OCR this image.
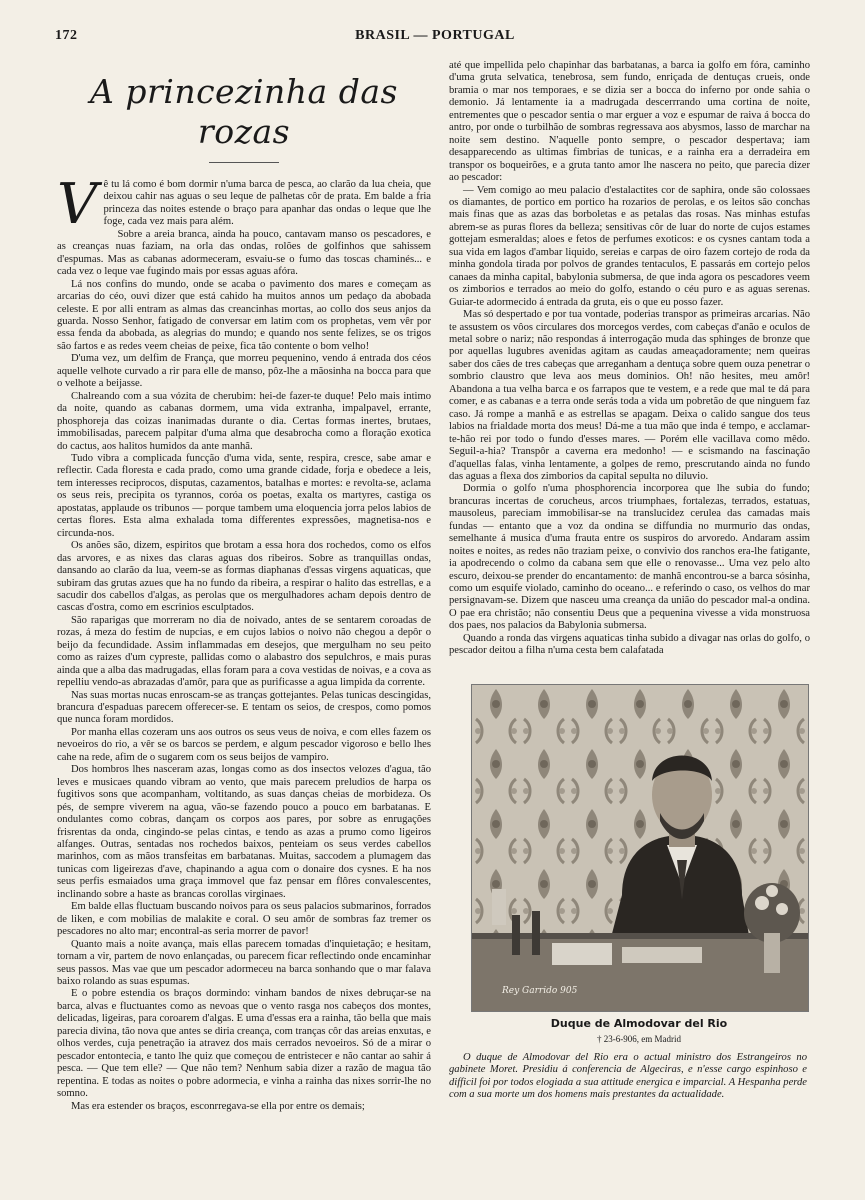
172	BRASIL — PORTUGAL
A princezinha das rozas
V ê tu lá como é bom dormir n'uma barca de pesca, ao clarão da lua cheia, que deixou cahir nas aguas o seu leque de palhetas côr de prata. Em balde a fria princeza das noites estende o braço para apanhar das ondas o leque que lhe foge, cada vez mais para além.

Sobre a areia branca, ainda ha pouco, cantavam manso os pescadores, e as creanças nuas faziam, na orla das ondas, rolões de golfinhos que sahissem d'espumas. Mas as cabanas adormeceram, esvaiu-se o fumo das toscas chaminés... e cada vez o leque vae fugindo mais por essas aguas afóra.

Lá nos confins do mundo, onde se acaba o pavimento dos mares e começam as arcarias do céo, ouvi dizer que está cahido ha muitos annos um pedaço da abobada celeste. E por alli entram as almas das creancinhas mortas, ao collo dos seus anjos da guarda. Nosso Senhor, fatigado de conversar em latim com os prophetas, vem vêr por essa fenda da abobada, as alegrias do mundo; e quando nos sente felizes, se os trigos são fartos e as redes veem cheias de peixe, fica tão contente o bom velho!

D'uma vez, um delfim de França, que morreu pequenino, vendo á entrada dos céos aquelle velhote curvado a rir para elle de manso, pôz-lhe a mãosinha na bocca para que o velhote a beijasse.

Chalreando com a sua vózita de cherubim: hei-de fazer-te duque! Pelo mais intimo da noite, quando as cabanas dormem, uma vida extranha, impalpavel, errante, phosphoreja das coizas inanimadas durante o dia. Certas formas inertes, brutaes, immobilisadas, parecem palpitar d'uma alma que desabrocha como a floração exotica do cactus, aos halitos humidos da ante manhã.

Tudo vibra a complicada funcção d'uma vida, sente, respira, cresce, sabe amar e reflectir. Cada floresta e cada prado, como uma grande cidade, forja e obedece a leis, tem interesses reciprocos, disputas, cazamentos, batalhas e mortes: e revolta-se, aclama os seus reis, precipita os tyrannos, coróa os poetas, exalta os martyres, castiga os apostatas, applaude os tribunos — porque tambem uma eloquencia jorra pelos labios de certas flores. Esta alma exhalada toma differentes expressões, magnetisa-nos e circunda-nos.

Os anões são, dizem, espiritos que brotam a essa hora dos rochedos, como os elfos das arvores, e as nixes das claras aguas dos ribeiros. Sobre as tranquillas ondas, dansando ao clarão da lua, veem-se as formas diaphanas d'essas virgens aquaticas, que subiram das grutas azues que ha no fundo da ribeira, a respirar o halito das estrellas, e a sacudir dos cabellos d'algas, as perolas que os mergulhadores acham depois dentro de cascas d'ostra, como em escrinios esculptados.

São raparigas que morreram no dia de noivado, antes de se sentarem coroadas de rozas, á meza do festim de nupcias, e em cujos labios o noivo não chegou a depôr o beijo da fecundidade. Assim inflammadas em desejos, que mergulham no seu peito como as raizes d'um cypreste, pallidas como o alabastro dos sepulchros, e mais puras ainda que a alba das madrugadas, ellas foram para a cova vestidas de noivas, e a cova as repelliu vendo-as abrazadas d'amôr, para que as purificasse a agua limpida da corrente.

Nas suas mortas nucas enroscam-se as tranças gottejantes. Pelas tunicas descingidas, brancura d'espaduas parecem offerecer-se. E tentam os seios, de crespos, como pomos que nunca foram mordidos.

Por manha ellas cozeram uns aos outros os seus veus de noiva, e com elles fazem os nevoeiros do rio, a vêr se os barcos se perdem, e algum pescador vigoroso e bello lhes cahe na rede, afim de o sugarem com os seus beijos de vampiro.

Dos hombros lhes nasceram azas, longas como as dos insectos velozes d'agua, tão leves e musicaes quando vibram ao vento, que mais parecem preludios de harpa os fugitivos sons que acompanham, voltitando, as suas danças cheias de morbideza. Os pés, de sempre viverem na agua, vão-se fazendo pouco a pouco em barbatanas. E ondulantes como cobras, dançam os corpos aos pares, por sobre as enrugações frisrentas da onda, cingindo-se pelas cintas, e tendo as azas a prumo como ligeiros alfanges. Outras, sentadas nos rochedos baixos, penteiam os seus verdes cabellos marinhos, com as mãos transfeitas em barbatanas. Muitas, saccodem a plumagem das tunicas com ligeirezas d'ave, chapinando a agua com o donaire dos cysnes. E ha nos seus perfis esmaiados uma graça immovel que faz pensar em flôres convalescentes, inclinando sobre a haste as brancas corollas virginaes.

Em balde ellas fluctuam buscando noivos para os seus palacios submarinos, forrados de liken, e com mobilias de malakite e coral. O seu amôr de sombras faz tremer os pescadores no alto mar; encontral-as seria morrer de pavor!

Quanto mais a noite avança, mais ellas parecem tomadas d'inquietação; e hesitam, tornam a vir, partem de novo enlançadas, ou parecem ficar reflectindo onde encaminhar seus passos. Mas vae que um pescador adormeceu na barca sonhando que o mar falava baixo rolando as suas espumas.

E o pobre estendia os braços dormindo: vinham bandos de nixes debruçar-se na barca, alvas e fluctuantes como as nevoas que o vento rasga nos cabeços dos montes, delicadas, ligeiras, para coroarem d'algas. E uma d'essas era a rainha, tão bella que mais parecia divina, tão nova que antes se diria creança, com tranças côr das areias enxutas, e olhos verdes, cuja penetração ia atravez dos mais cerrados nevoeiros. Só de a mirar o pescador entontecia, e tanto lhe quiz que começou de entristecer e não cantar ao sahir á pesca. — Que tem elle? — Que não tem? Nenhum sabia dizer a razão de magua tão repentina. E todas as noites o pobre adormecia, e vinha a rainha das nixes sorrir-lhe no somno.

Mas era estender os braços, esconrregava-se ella por entre os demais;

até que impellida pelo chapinhar das barbatanas, a barca ia golfo em fóra, caminho d'uma gruta selvatica, tenebrosa, sem fundo, enriçada de dentuças crueis, onde bramia o mar nos temporaes, e se dizia ser a bocca do inferno por onde sahia o demonio. Já lentamente ia a madrugada descerrrando uma cortina de noite, entrementes que o pescador sentia o mar erguer a voz e espumar de raiva á bocca do antro, por onde o turbilhão de sombras regressava aos abysmos, lasso de marchar na noite sem destino. N'aquelle ponto sempre, o pescador despertava; iam desapparecendo as ultimas fimbrias de tunicas, e a rainha era a derradeira em transpor os boqueirões, e a gruta tanto amor lhe nascera no peito, que parecia dizer ao pescador:

— Vem comigo ao meu palacio d'estalactites cor de saphira, onde são colossaes os diamantes, de portico em portico ha rozarios de perolas, e os leitos são conchas mais finas que as azas das borboletas e as petalas das rosas. Nas minhas estufas abrem-se as puras flores da belleza; sensitivas côr de luar do norte de cujos estames gottejam esmeraldas; aloes e fetos de perfumes exoticos: e os cysnes cantam toda a sua vida em lagos d'ambar liquido, sereias e carpas de oiro fazem cortejo de roda da minha gondola tirada por polvos de grandes tentaculos, E passarás em cortejo pelos canaes da minha capital, babylonia submersa, de que inda agora os pescadores veem os zimborios e terrados ao meio do golfo, estando o céu puro e as aguas serenas. Guiar-te adormecido á entrada da gruta, eis o que eu posso fazer.

Mas só despertado e por tua vontade, poderias transpor as primeiras arcarias. Não te assustem os vôos circulares dos morcegos verdes, com cabeças d'anão e oculos de metal sobre o nariz; não respondas á interrogação muda das sphinges de bronze que por aquellas lugubres avenidas agitam as caudas ameaçadoramente; nem queiras saber dos cães de tres cabeças que arreganham a dentuça sobre quem ouza penetrar o sombrio claustro que leva aos meus dominios. Oh! não hesites, meu amôr! Abandona a tua velha barca e os farrapos que te vestem, e a rede que mal te dá para comer, e as cabanas e a terra onde serás toda a vida um pobretão de que ninguem faz caso. Já rompe a manhã e as estrellas se apagam. Deixa o calido sangue dos teus labios na frialdade morta dos meus! Dá-me a tua mão que inda é tempo, e acclamar-te-hão rei por todo o fundo d'esses mares. — Porém elle vacillava como mêdo. Seguil-a-hia? Transpôr a caverna era medonho! — e scismando na fascinação d'aquellas falas, vinha lentamente, a golpes de remo, prescrutando ainda no fundo das aguas a flexa dos zimborios da capital sepulta no diluvio.

Dormia o golfo n'uma phosphorencia incorporea que lhe subia do fundo; brancuras incertas de corucheus, arcos triumphaes, fortalezas, terrados, estatuas, mausoleus, pareciam immobilisar-se na translucidez cerulea das camadas mais fundas — entanto que a voz da ondina se diffundia no murmurio das ondas, semelhante á musica d'uma frauta entre os suspiros do arvoredo. Andaram assim noites e noites, as redes não traziam peixe, o convivio dos ranchos era-lhe fatigante, ia apodrecendo o colmo da cabana sem que elle o renovasse... Uma vez pelo alto escuro, deixou-se prender do encantamento: de manhã encontrou-se a barca sósinha, como um esquife violado, caminho do oceano... e referindo o caso, os velhos do mar persignavam-se. Dizem que nasceu uma creança da união do pescador mal-a ondina. O pae era christão; não consentiu Deus que a pequenina vivesse a vida monstruosa dos paes, nos palacios da Babylonia submersa.

Quando a ronda das virgens aquaticas tinha subido a divagar nas orlas do golfo, o pescador deitou a filha n'uma cesta bem calafatada

Rey Garrido 905
Duque de Almodovar del Rio
† 23-6-906, em Madrid
O duque de Almodovar del Rio era o actual ministro dos Estrangeiros no gabinete Moret. Presidiu á conferencia de Algeciras, e n'esse cargo espinhoso e difficil foi por todos elogiada a sua attitude energica e imparcial. A Hespanha perde com a sua morte um dos homens mais prestantes da actualidade.
